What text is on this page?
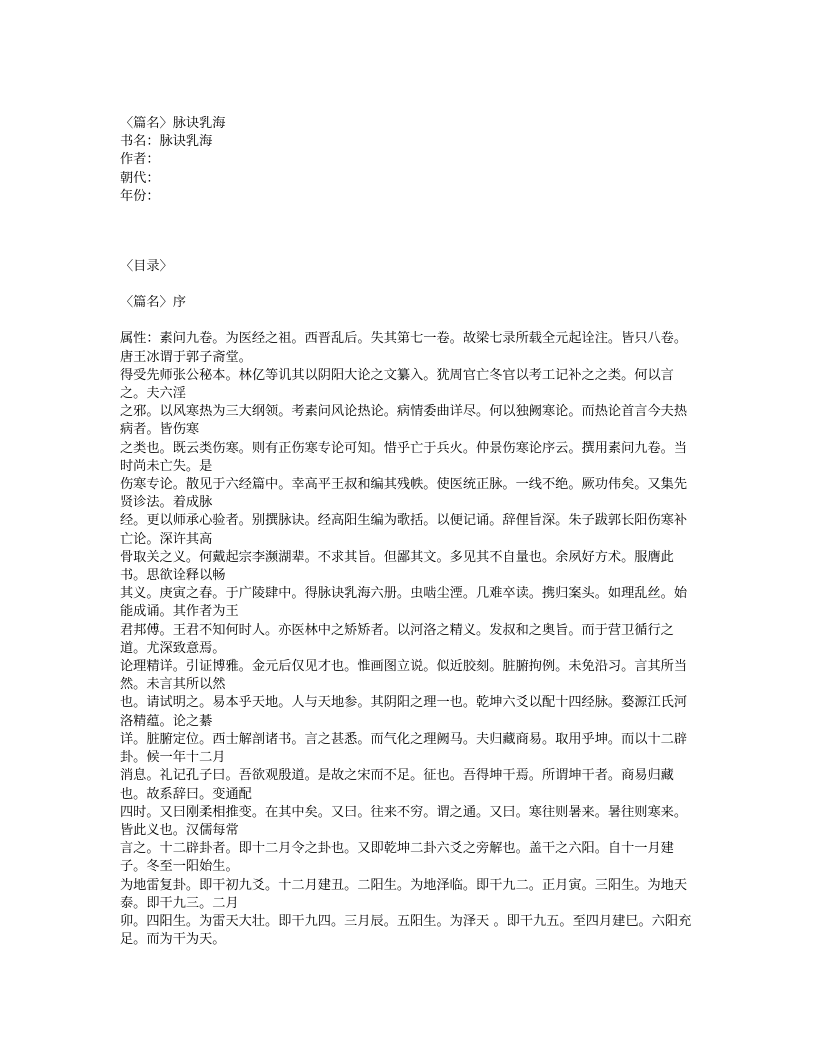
〈篇名〉脉诀乳海
书名：脉诀乳海
作者：
朝代：
年份：
〈目录〉
〈篇名〉序
属性：素问九卷。为医经之祖。西晋乱后。失其第七一卷。故梁七录所载全元起诠注。皆只八卷。唐王冰谓于郭子斋堂。
得受先师张公秘本。林亿等讥其以阴阳大论之文纂入。犹周官亡冬官以考工记补之之类。何以言之。夫六淫
之邪。以风寒热为三大纲领。考素问风论热论。病情委曲详尽。何以独阙寒论。而热论首言今夫热病者。皆伤寒
之类也。既云类伤寒。则有正伤寒专论可知。惜乎亡于兵火。仲景伤寒论序云。撰用素问九卷。当时尚未亡失。是
伤寒专论。散见于六经篇中。幸高平王叔和编其残帙。使医统正脉。一线不绝。厥功伟矣。又集先贤诊法。着成脉
经。更以师承心验者。别撰脉诀。经高阳生编为歌括。以便记诵。辞俚旨深。朱子跋郭长阳伤寒补亡论。深许其高
骨取关之义。何戴起宗李濒湖辈。不求其旨。但鄙其文。多见其不自量也。余夙好方术。服膺此书。思欲诠释以畅
其义。庚寅之春。于广陵肆中。得脉诀乳海六册。虫啮尘湮。几难卒读。携归案头。如理乱丝。始能成诵。其作者为王
君邦傅。王君不知何时人。亦医林中之矫矫者。以河洛之精义。发叔和之奥旨。而于营卫循行之道。尤深致意焉。
论理精详。引证博雅。金元后仅见才也。惟画图立说。似近胶刻。脏腑拘例。未免沿习。言其所当然。未言其所以然
也。请试明之。易本乎天地。人与天地参。其阴阳之理一也。乾坤六爻以配十四经脉。婺源江氏河洛精蕴。论之綦
详。脏腑定位。西士解剖诸书。言之甚悉。而气化之理阙马。夫归藏商易。取用乎坤。而以十二辟卦。候一年十二月
消息。礼记孔子曰。吾欲观殷道。是故之宋而不足。征也。吾得坤干焉。所谓坤干者。商易归藏也。故系辞曰。变通配
四时。又曰刚柔相推变。在其中矣。又曰。往来不穷。谓之通。又曰。寒往则暑来。暑往则寒来。皆此义也。汉儒每常
言之。十二辟卦者。即十二月令之卦也。又即乾坤二卦六爻之旁解也。盖干之六阳。自十一月建子。冬至一阳始生。
为地雷复卦。即干初九爻。十二月建丑。二阳生。为地泽临。即干九二。正月寅。三阳生。为地天泰。即干九三。二月
卯。四阳生。为雷天大壮。即干九四。三月辰。五阳生。为泽天 。即干九五。至四月建巳。六阳充足。而为干为天。
